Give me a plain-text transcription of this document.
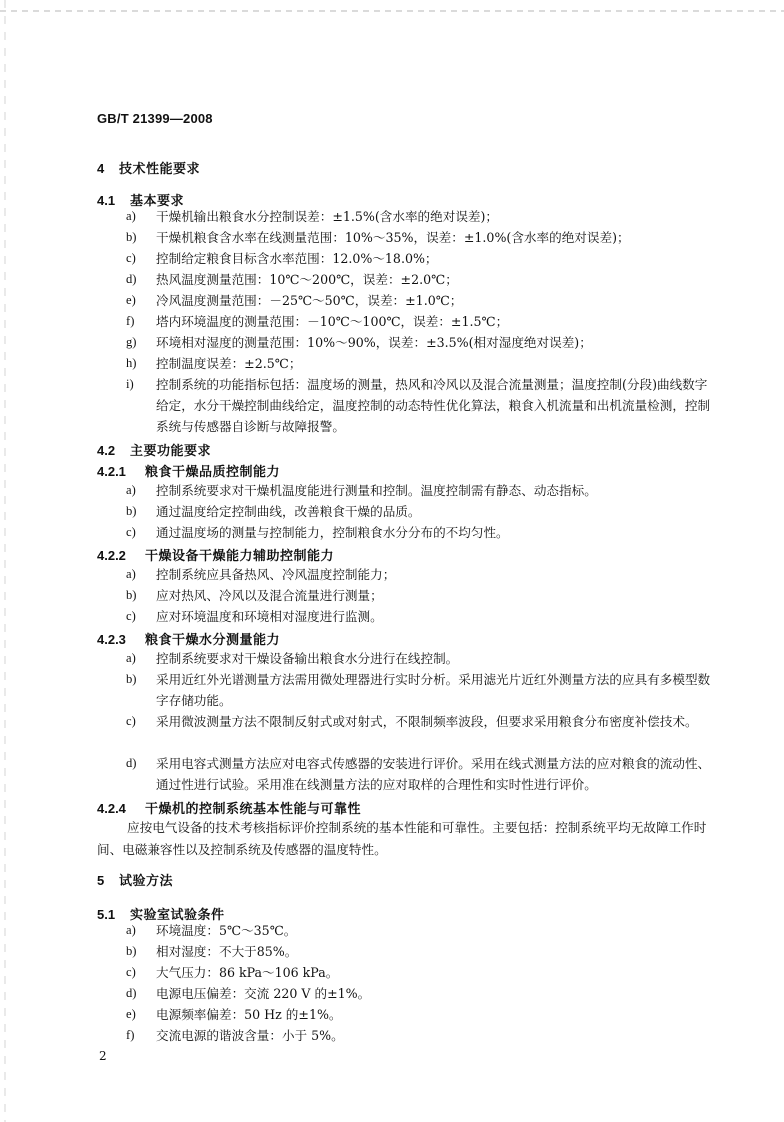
GB/T 21399—2008
4 技术性能要求
4.1 基本要求
a)	干燥机输出粮食水分控制误差：±1.5%(含水率的绝对误差)；
b)	干燥机粮食含水率在线测量范围：10%～35%，误差：±1.0%(含水率的绝对误差)；
c)	控制给定粮食目标含水率范围：12.0%～18.0%；
d)	热风温度测量范围：10℃～200℃，误差：±2.0℃；
e)	冷风温度测量范围：－25℃～50℃，误差：±1.0℃；
f)	塔内环境温度的测量范围：－10℃～100℃，误差：±1.5℃；
g)	环境相对湿度的测量范围：10%～90%，误差：±3.5%(相对湿度绝对误差)；
h)	控制温度误差：±2.5℃；
i)	控制系统的功能指标包括：温度场的测量，热风和冷风以及混合流量测量；温度控制(分段)曲线数字给定，水分干燥控制曲线给定，温度控制的动态特性优化算法，粮食入机流量和出机流量检测，控制系统与传感器自诊断与故障报警。
4.2 主要功能要求
4.2.1 粮食干燥品质控制能力
a)	控制系统要求对干燥机温度能进行测量和控制。温度控制需有静态、动态指标。
b)	通过温度给定控制曲线，改善粮食干燥的品质。
c)	通过温度场的测量与控制能力，控制粮食水分分布的不均匀性。
4.2.2 干燥设备干燥能力辅助控制能力
a)	控制系统应具备热风、冷风温度控制能力；
b)	应对热风、冷风以及混合流量进行测量；
c)	应对环境温度和环境相对湿度进行监测。
4.2.3 粮食干燥水分测量能力
a)	控制系统要求对干燥设备输出粮食水分进行在线控制。
b)	采用近红外光谱测量方法需用微处理器进行实时分析。采用滤光片近红外测量方法的应具有多模型数字存储功能。
c)	采用微波测量方法不限制反射式或对射式，不限制频率波段，但要求采用粮食分布密度补偿技术。
d)	采用电容式测量方法应对电容式传感器的安装进行评价。采用在线式测量方法的应对粮食的流动性、通过性进行试验。采用准在线测量方法的应对取样的合理性和实时性进行评价。
4.2.4 干燥机的控制系统基本性能与可靠性
应按电气设备的技术考核指标评价控制系统的基本性能和可靠性。主要包括：控制系统平均无故障工作时间、电磁兼容性以及控制系统及传感器的温度特性。
5 试验方法
5.1 实验室试验条件
a)	环境温度：5℃～35℃。
b)	相对湿度：不大于85%。
c)	大气压力：86 kPa～106 kPa。
d)	电源电压偏差：交流 220 V 的±1%。
e)	电源频率偏差：50 Hz 的±1%。
f)	交流电源的谐波含量：小于 5%。
2
